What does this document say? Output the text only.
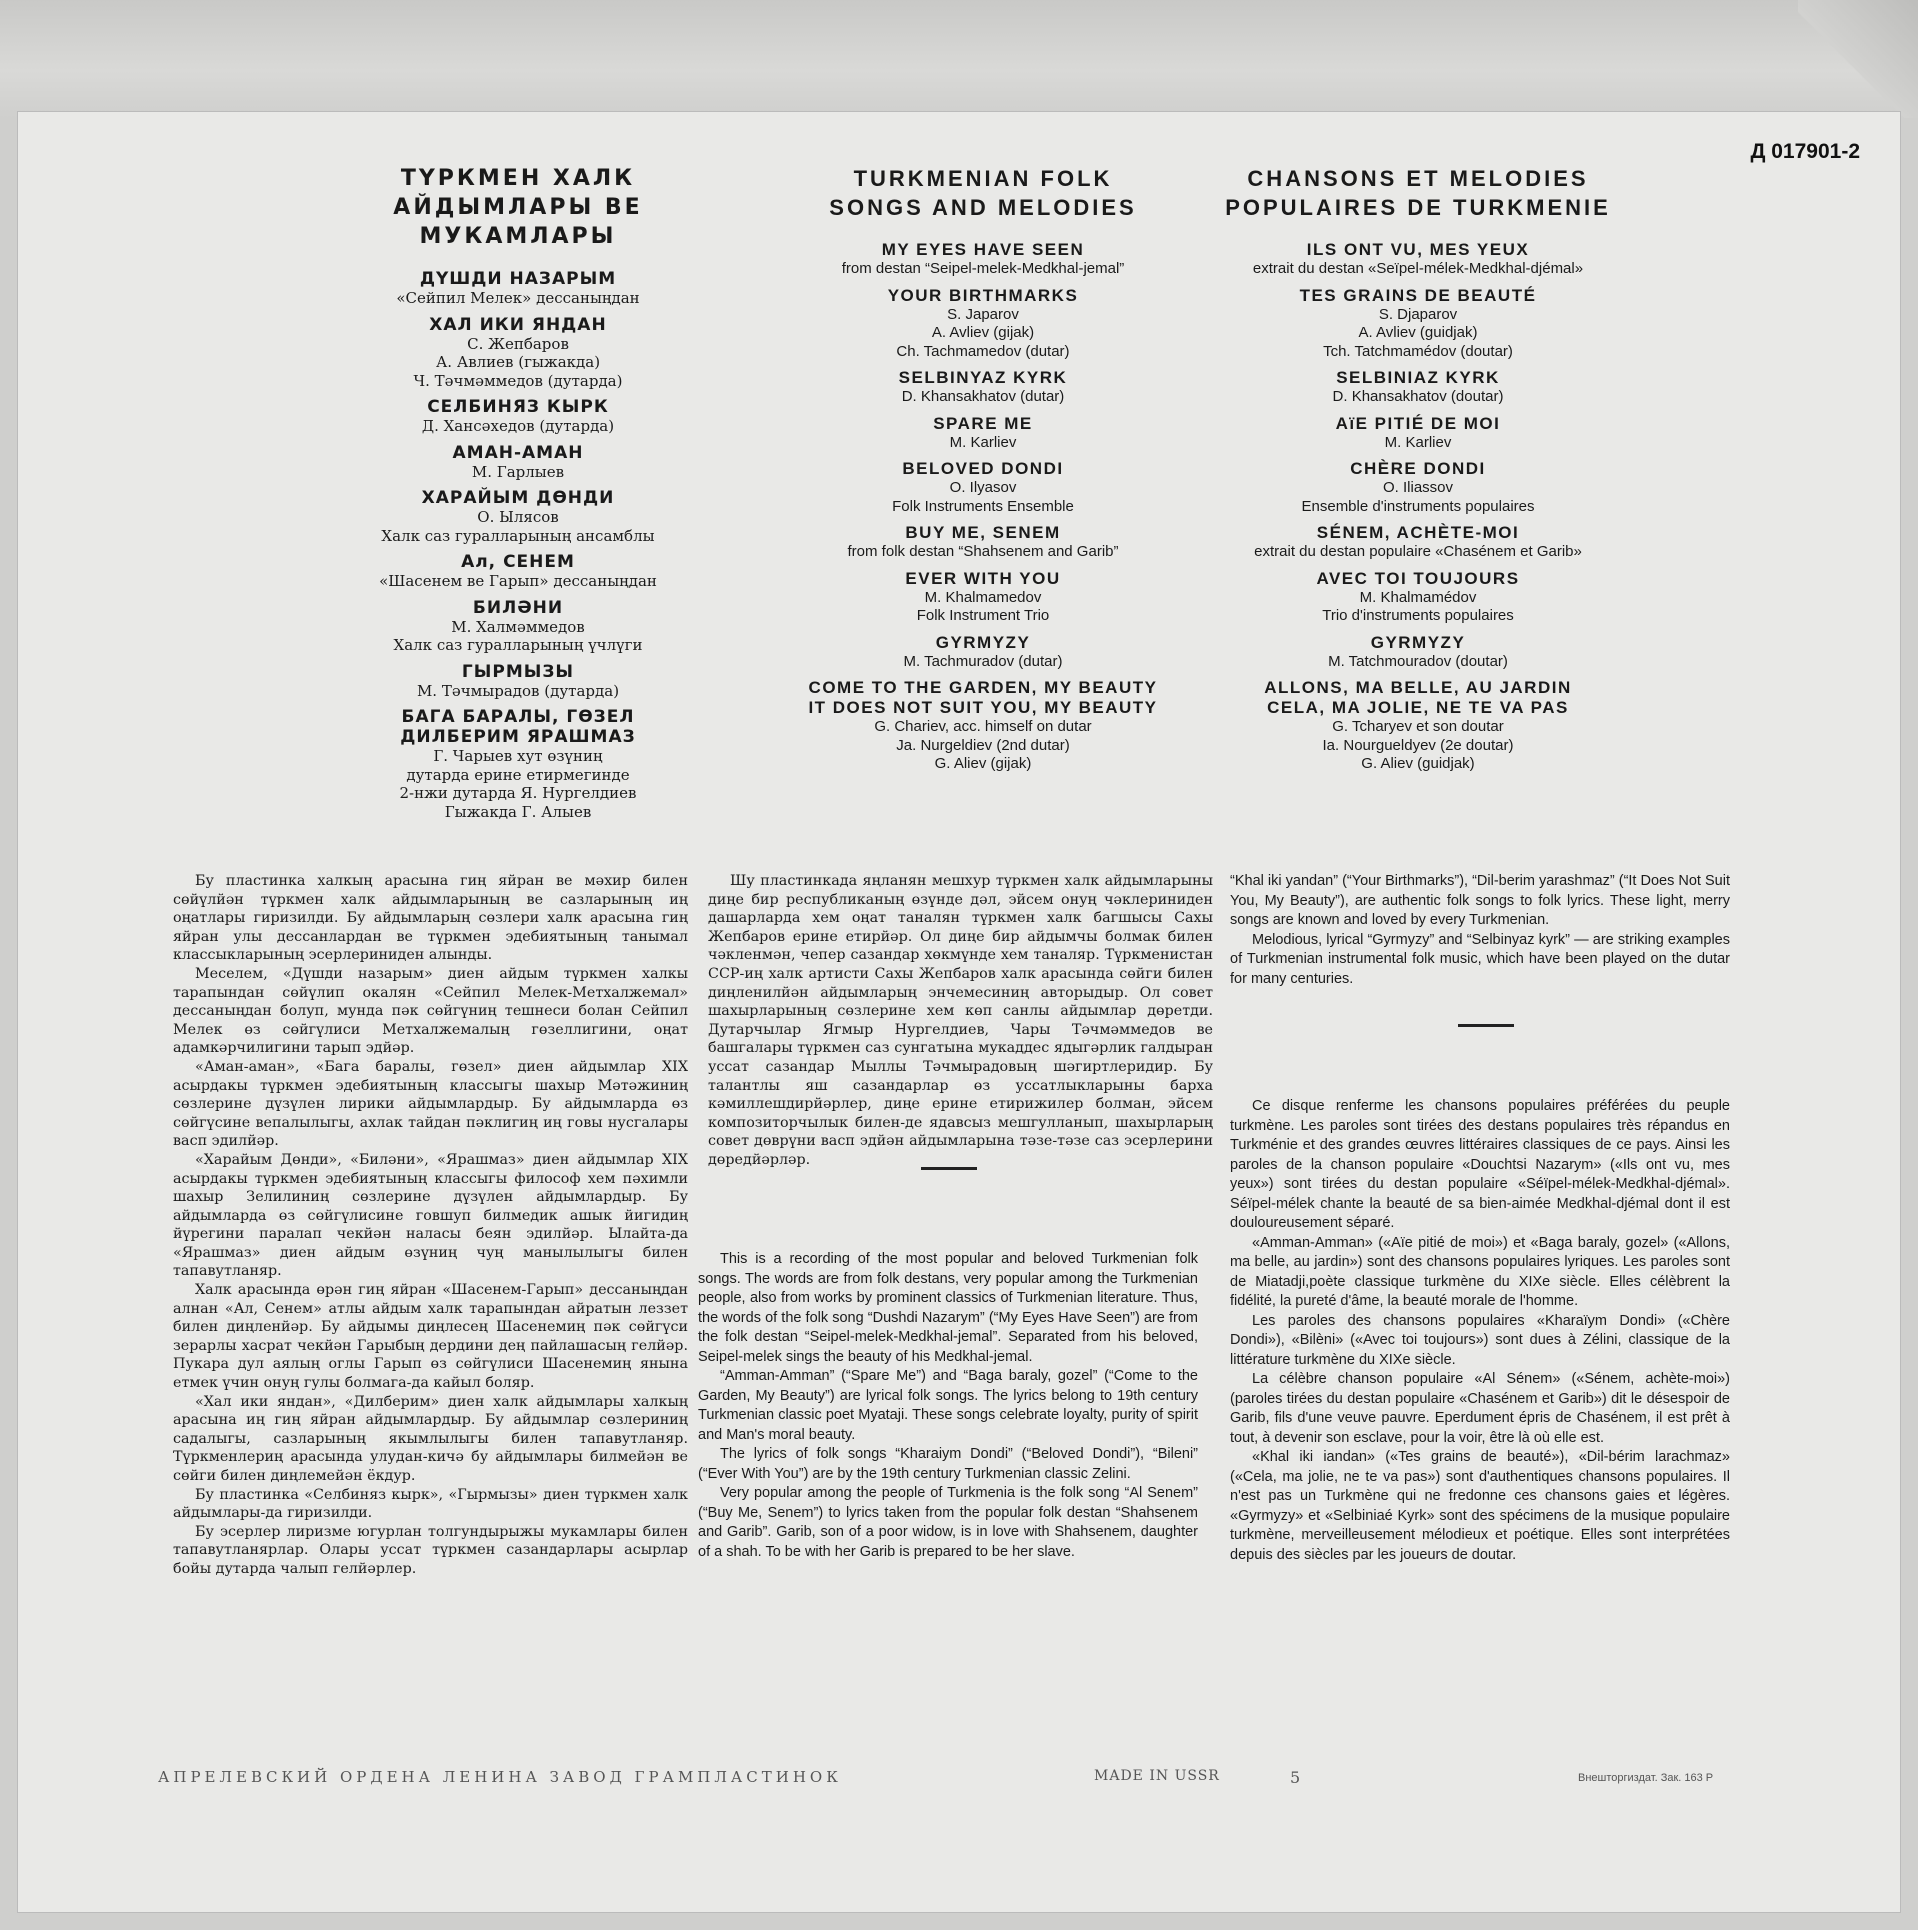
Д 017901-2
ТҮРКМЕН ХАЛК
АЙДЫМЛАРЫ ВЕ МУКАМЛАРЫ
ДҮШДИ НАЗАРЫМ
«Сейпил Мелек» дессаныңдан
ХАЛ ИКИ ЯНДАН
С. Жепбаров
А. Авлиев (гыжакда)
Ч. Тәчмәммедов (дутарда)
СЕЛБИНЯЗ КЫРК
Д. Хансәхедов (дутарда)
АМАН-АМАН
М. Гарлыев
ХАРАЙЫМ ДӨНДИ
О. Ылясов
Халк саз гуралларының ансамблы
Ал, СЕНЕМ
«Шасенем ве Гарып» дессаныңдан
БИЛӘНИ
М. Халмәммедов
Халк саз гуралларының үчлүги
ГЫРМЫЗЫ
М. Тәчмырадов (дутарда)
БАГА БАРАЛЫ, ГӨЗЕЛ
ДИЛБЕРИМ ЯРАШМАЗ
Г. Чарыев хут өзүниң
дутарда ерине етирмегинде
2-нжи дутарда Я. Нургелдиев
Гыжакда Г. Алыев
TURKMENIAN FOLK
SONGS AND MELODIES
MY EYES HAVE SEEN
from destan “Seipel-melek-Medkhal-jemal”
YOUR BIRTHMARKS
S. Japarov
A. Avliev (gijak)
Ch. Tachmamedov (dutar)
SELBINYAZ KYRK
D. Khansakhatov (dutar)
SPARE ME
M. Karliev
BELOVED DONDI
O. Ilyasov
Folk Instruments Ensemble
BUY ME, SENEM
from folk destan “Shahsenem and Garib”
EVER WITH YOU
M. Khalmamedov
Folk Instrument Trio
GYRMYZY
M. Tachmuradov (dutar)
COME TO THE GARDEN, MY BEAUTY
IT DOES NOT SUIT YOU, MY BEAUTY
G. Chariev, acc. himself on dutar
Ja. Nurgeldiev (2nd dutar)
G. Aliev (gijak)
CHANSONS ET MELODIES
POPULAIRES DE TURKMENIE
ILS ONT VU, MES YEUX
extrait du destan «Seïpel-mélek-Medkhal-djémal»
TES GRAINS DE BEAUTÉ
S. Djaparov
A. Avliev (guidjak)
Tch. Tatchmamédov (doutar)
SELBINIAZ KYRK
D. Khansakhatov (doutar)
AïE PITIÉ DE MOI
M. Karliev
CHÈRE DONDI
O. Iliassov
Ensemble d'instruments populaires
SÉNEM, ACHÈTE-MOI
extrait du destan populaire «Chasénem et Garib»
AVEC TOI TOUJOURS
M. Khalmamédov
Trio d'instruments populaires
GYRMYZY
M. Tatchmouradov (doutar)
ALLONS, MA BELLE, AU JARDIN
CELA, MA JOLIE, NE TE VA PAS
G. Tcharyev et son doutar
Ia. Nourgueldyev (2e doutar)
G. Aliev (guidjak)

Бу пластинка халкың арасына гиң яйран ве мәхир билен сөйүлйән түркмен халк айдымларының ве сазларының иң оңатлары гиризилди. Бу айдымларың сөзлери халк арасына гиң яйран улы дессанлардан ве түркмен эдебиятының танымал классыкларының эсерлериниден алынды.

Меселем, «Дүшди назарым» диен айдым түркмен халкы тарапындан сөйүлип окалян «Сейпил Мелек-Метхалжемал» дессаныңдан болуп, мунда пәк сөйгүниң тешнеси болан Сейпил Мелек өз сөйгүлиси Метхалжемалың гөзеллигини, оңат адамкәрчилигини тарып эдйәр.

«Аман-аман», «Бага баралы, гөзел» диен айдымлар XIX асырдакы түркмен эдебиятының классыгы шахыр Мәтәжиниң сөзлерине дүзүлен лирики айдымлардыр. Бу айдымларда өз сөйгүсине вепалылыгы, ахлак тайдан пәклигиң иң говы нусгалары васп эдилйәр.

«Харайым Дөнди», «Биләни», «Ярашмаз» диен айдымлар XIX асырдакы түркмен эдебиятының классыгы философ хем пәхимли шахыр Зелилиниң сөзлерине дүзүлен айдымлардыр. Бу айдымларда өз сөйгүлисине говшуп билмедик ашык йигидиң йүрегини паралап чекйән наласы беян эдилйәр. Ылайта-да «Ярашмаз» диен айдым өзүниң чуң манылылыгы билен тапавутланяр.

Халк арасында өрән гиң яйран «Шасенем-Гарып» дессаныңдан алнан «Ал, Сенем» атлы айдым халк тарапындан айратын леззет билен диңленйәр. Бу айдымы диңлесең Шасенемиң пәк сөйгүси зерарлы хасрат чекйән Гарыбың дердини дең пайлашасың гелйәр. Пукара дул аялың оглы Гарып өз сөйгүлиси Шасенемиң янына етмек үчин онуң гулы болмага-да кайыл боляр.

«Хал ики яндан», «Дилберим» диен халк айдымлары халкың арасына иң гиң яйран айдымлардыр. Бу айдымлар сөзлериниң садалыгы, сазларының якымлылыгы билен тапавутланяр. Түркменлериң арасында улудан-кичә бу айдымлары билмейән ве сөйги билен диңлемейән ёкдур.

Бу пластинка «Селбиняз кырк», «Гырмызы» диен түркмен халк айдымлары-да гиризилди.

Бу эсерлер лиризме югурлан толгундырыжы мукамлары билен тапавутланярлар. Олары уссат түркмен сазандарлары асырлар бойы дутарда чалып гелйәрлер.

Шу пластинкада яңланян мешхур түркмен халк айдымларыны диңе бир республиканың өзүнде дәл, эйсем онуң чәклериниден дашарларда хем оңат таналян түркмен халк багшысы Сахы Жепбаров ерине етирйәр. Ол диңе бир айдымчы болмак билен чәкленмән, чепер сазандар хөкмүнде хем таналяр. Түркменистан ССР-иң халк артисти Сахы Жепбаров халк арасында сөйги билен диңленилйән айдымларың энчемесиниң авторыдыр. Ол совет шахырларының сөзлерине хем көп санлы айдымлар дөретди. Дутарчылар Ягмыр Нургелдиев, Чары Тәчмәммедов ве башгалары түркмен саз сунгатына мукаддес ядыгәрлик галдыран уссат сазандар Мыллы Тәчмырадовың шәгиртлеридир. Бу талантлы яш сазандарлар өз уссатлыкларыны барха кәмиллешдирйәрлер, диңе ерине етирижилер болман, эйсем композиторчылык билен-де ядавсыз мешгулланып, шахырларың совет дөврүни васп эдйән айдымларына тәзе-тәзе саз эсерлерини дөредйәрләр.

This is a recording of the most popular and beloved Turkmenian folk songs. The words are from folk destans, very popular among the Turkmenian people, also from works by prominent classics of Turkmenian literature. Thus, the words of the folk song “Dushdi Nazarym” (“My Eyes Have Seen”) are from the folk destan “Seipel-melek-Medkhal-jemal”. Separated from his beloved, Seipel-melek sings the beauty of his Medkhal-jemal.

“Amman-Amman” (“Spare Me”) and “Baga baraly, gozel” (“Come to the Garden, My Beauty”) are lyrical folk songs. The lyrics belong to 19th century Turkmenian classic poet Myataji. These songs celebrate loyalty, purity of spirit and Man's moral beauty.

The lyrics of folk songs “Kharaiym Dondi” (“Beloved Dondi”), “Bileni” (“Ever With You”) are by the 19th century Turkmenian classic Zelini.

Very popular among the people of Turkmenia is the folk song “Al Senem” (“Buy Me, Senem”) to lyrics taken from the popular folk destan “Shahsenem and Garib”. Garib, son of a poor widow, is in love with Shahsenem, daughter of a shah. To be with her Garib is prepared to be her slave.

“Khal iki yandan” (“Your Birthmarks”), “Dil-berim yarashmaz” (“It Does Not Suit You, My Beauty”), are authentic folk songs to folk lyrics. These light, merry songs are known and loved by every Turkmenian.

Melodious, lyrical “Gyrmyzy” and “Selbinyaz kyrk” — are striking examples of Turkmenian instrumental folk music, which have been played on the dutar for many centuries.

Ce disque renferme les chansons populaires préférées du peuple turkmène. Les paroles sont tirées des destans populaires très répandus en Turkménie et des grandes œuvres littéraires classiques de ce pays. Ainsi les paroles de la chanson populaire «Douchtsi Nazarym» («Ils ont vu, mes yeux») sont tirées du destan populaire «Séïpel-mélek-Medkhal-djémal». Séïpel-mélek chante la beauté de sa bien-aimée Medkhal-djémal dont il est douloureusement séparé.

«Amman-Amman» («Aïe pitié de moi») et «Baga baraly, gozel» («Allons, ma belle, au jardin») sont des chansons populaires lyriques. Les paroles sont de Miatadji,poète classique turkmène du XIXe siècle. Elles célèbrent la fidélité, la pureté d'âme, la beauté morale de l'homme.

Les paroles des chansons populaires «Kharaïym Dondi» («Chère Dondi»), «Bilèni» («Avec toi toujours») sont dues à Zélini, classique de la littérature turkmène du XIXe siècle.

La célèbre chanson populaire «Al Sénem» («Sénem, achète-moi») (paroles tirées du destan populaire «Chasénem et Garib») dit le désespoir de Garib, fils d'une veuve pauvre. Eperdument épris de Chasénem, il est prêt à tout, à devenir son esclave, pour la voir, être là où elle est.

«Khal iki iandan» («Tes grains de beauté»), «Dil-bérim larachmaz» («Cela, ma jolie, ne te va pas») sont d'authentiques chansons populaires. Il n'est pas un Turkmène qui ne fredonne ces chansons gaies et légères. «Gyrmyzy» et «Selbiniaé Kyrk» sont des spécimens de la musique populaire turkmène, merveilleusement mélodieux et poétique. Elles sont interprétées depuis des siècles par les joueurs de doutar.

АПРЕЛЕВСКИЙ ОРДЕНА ЛЕНИНА ЗАВОД ГРАМПЛАСТИНОК	MADE IN USSR	5	Внешторгиздат. Зак. 163 Р
